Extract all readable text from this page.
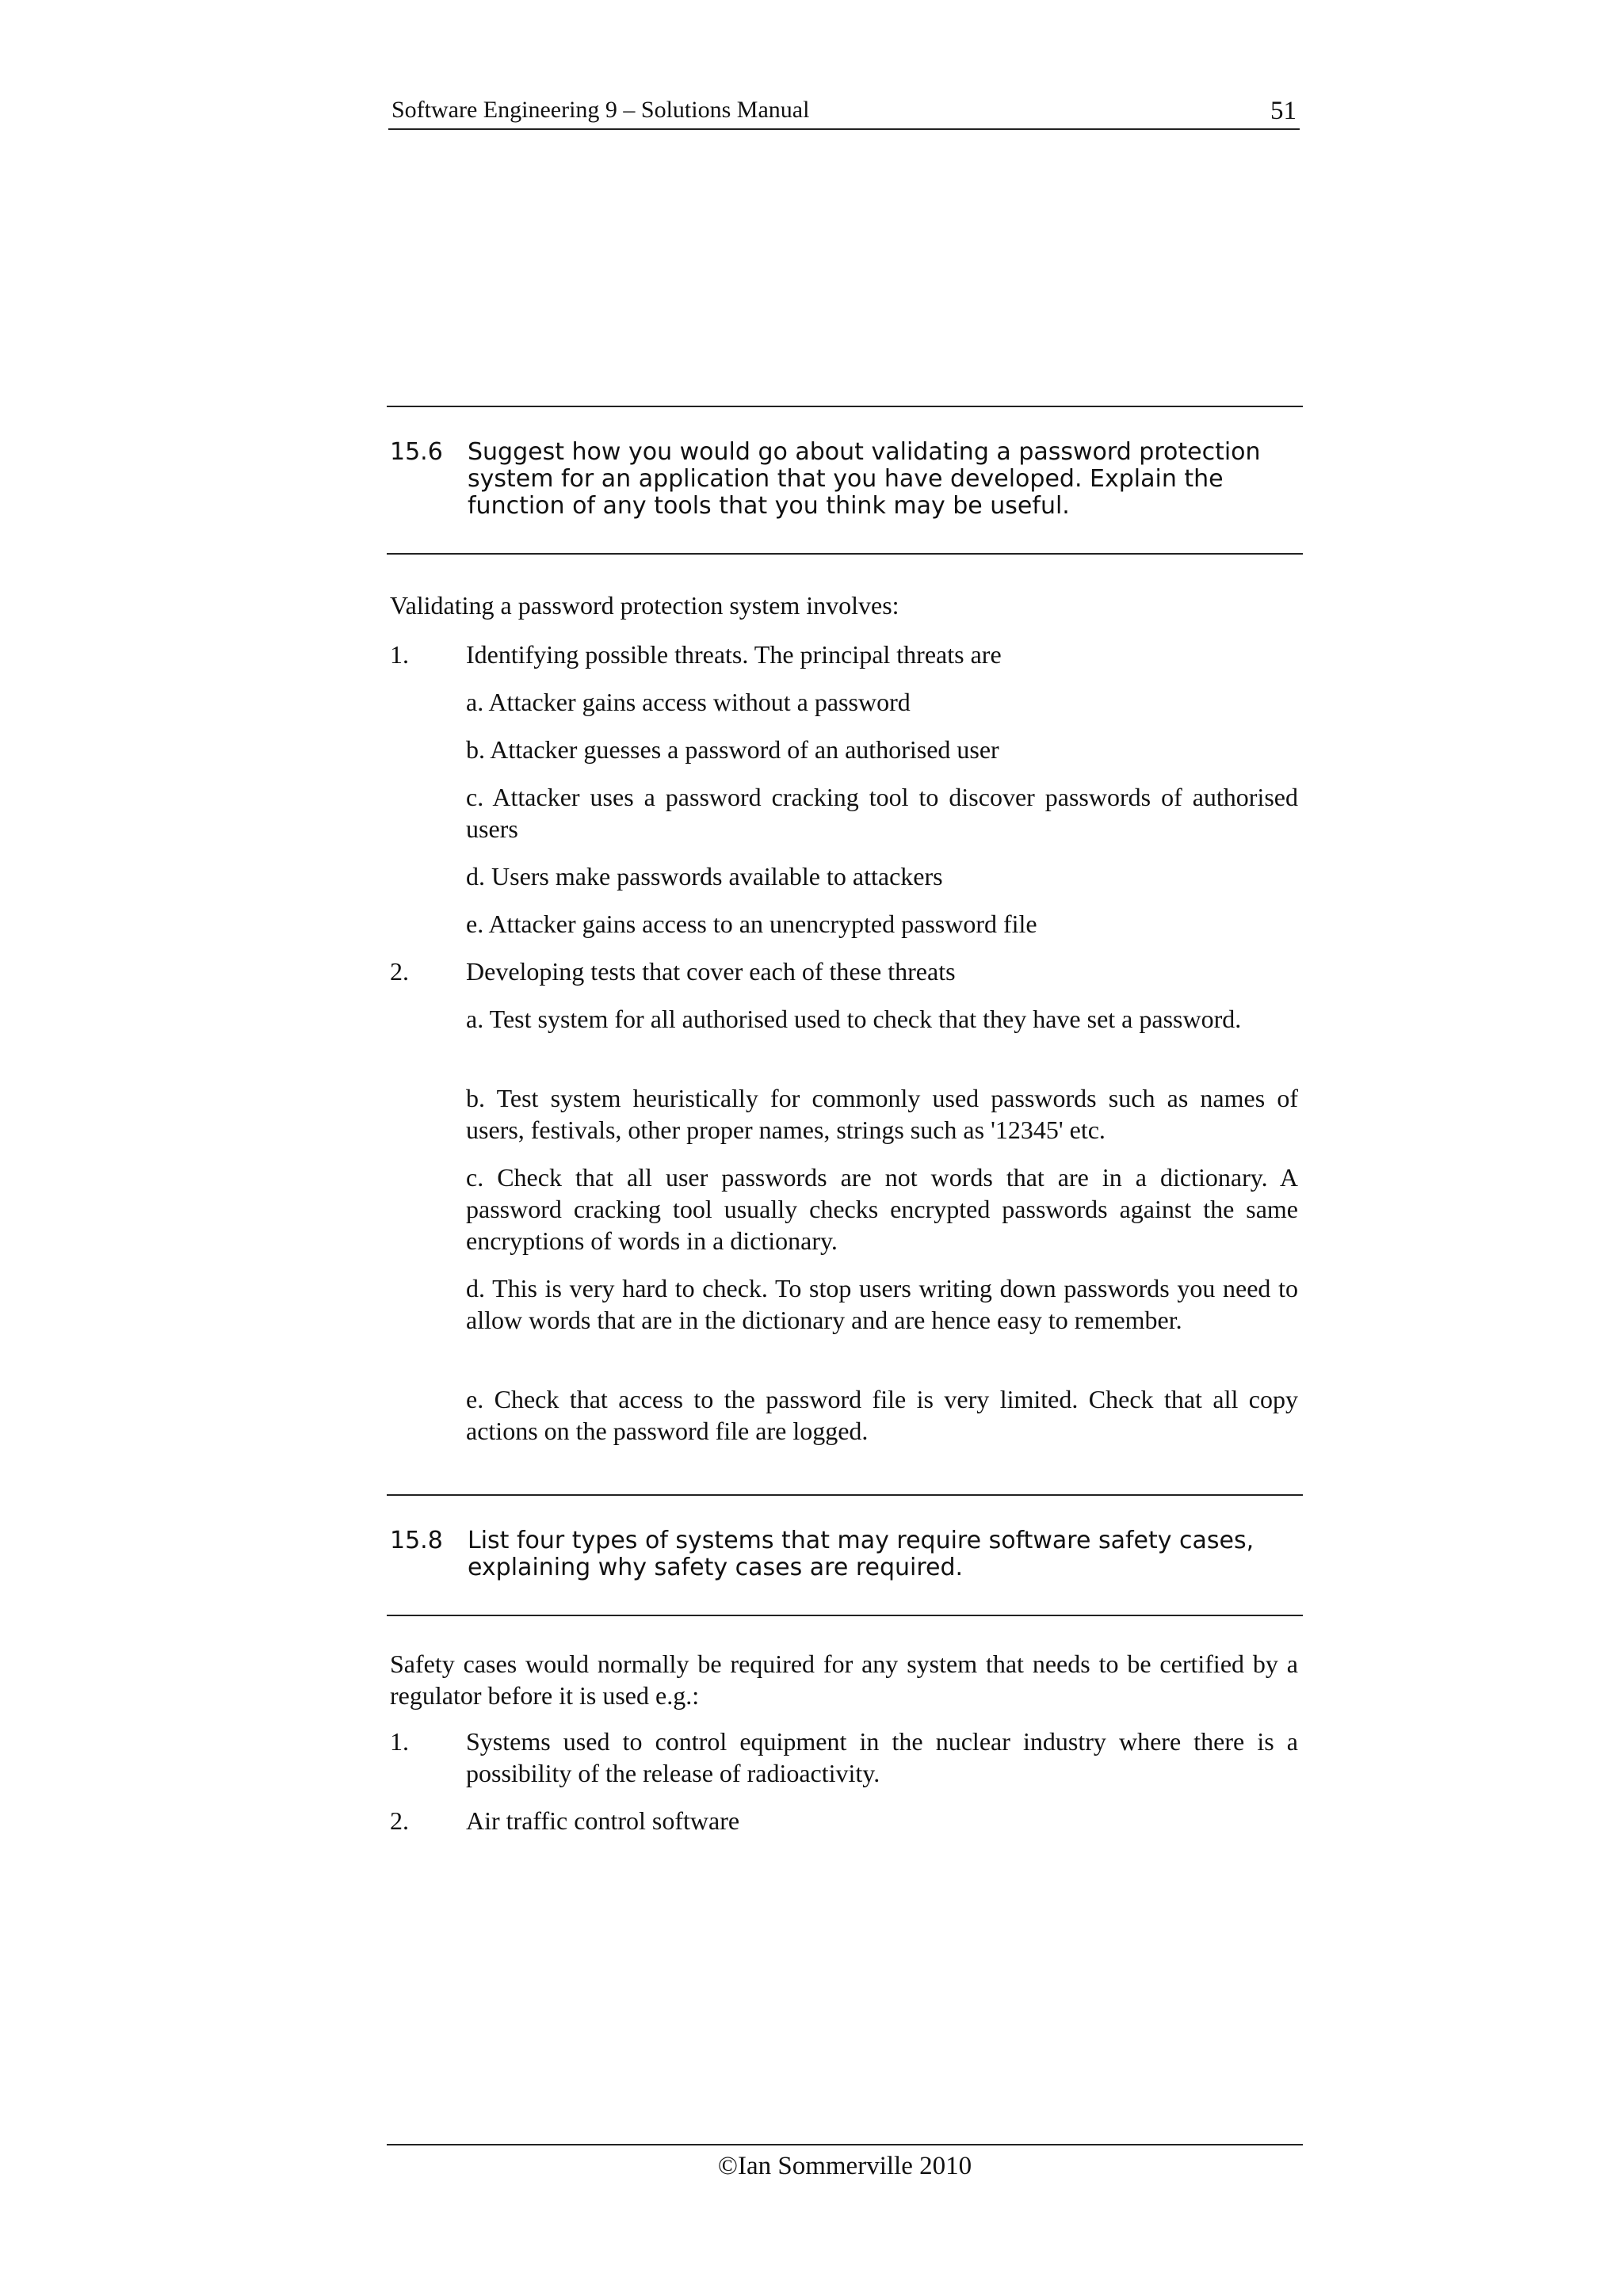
Software Engineering 9 – Solutions Manual	51
15.6 Suggest how you would go about validating a password protection system for an application that you have developed. Explain the function of any tools that you think may be useful.
Validating a password protection system involves:
1.	Identifying possible threats. The principal threats are
a. Attacker gains access without a password
b. Attacker guesses a password of an authorised user
c. Attacker uses a password cracking tool to discover passwords of authorised users
d. Users make passwords available to attackers
e. Attacker gains access to an unencrypted password file
2.	Developing tests that cover each of these threats
a. Test system for all authorised used to check that they have set a password.
b. Test system heuristically for commonly used passwords such as names of users, festivals, other proper names, strings such as '12345' etc.
c. Check that all user passwords are not words that are in a dictionary. A password cracking tool usually checks encrypted passwords against the same encryptions of words in a dictionary.
d. This is very hard to check. To stop users writing down passwords you need to allow words that are in the dictionary and are hence easy to remember.
e. Check that access to the password file is very limited. Check that all copy actions on the password file are logged.
15.8 List four types of systems that may require software safety cases, explaining why safety cases are required.
Safety cases would normally be required for any system that needs to be certified by a regulator before it is used e.g.:
1.	Systems used to control equipment in the nuclear industry where there is a possibility of the release of radioactivity.
2.	Air traffic control software
©Ian Sommerville 2010
